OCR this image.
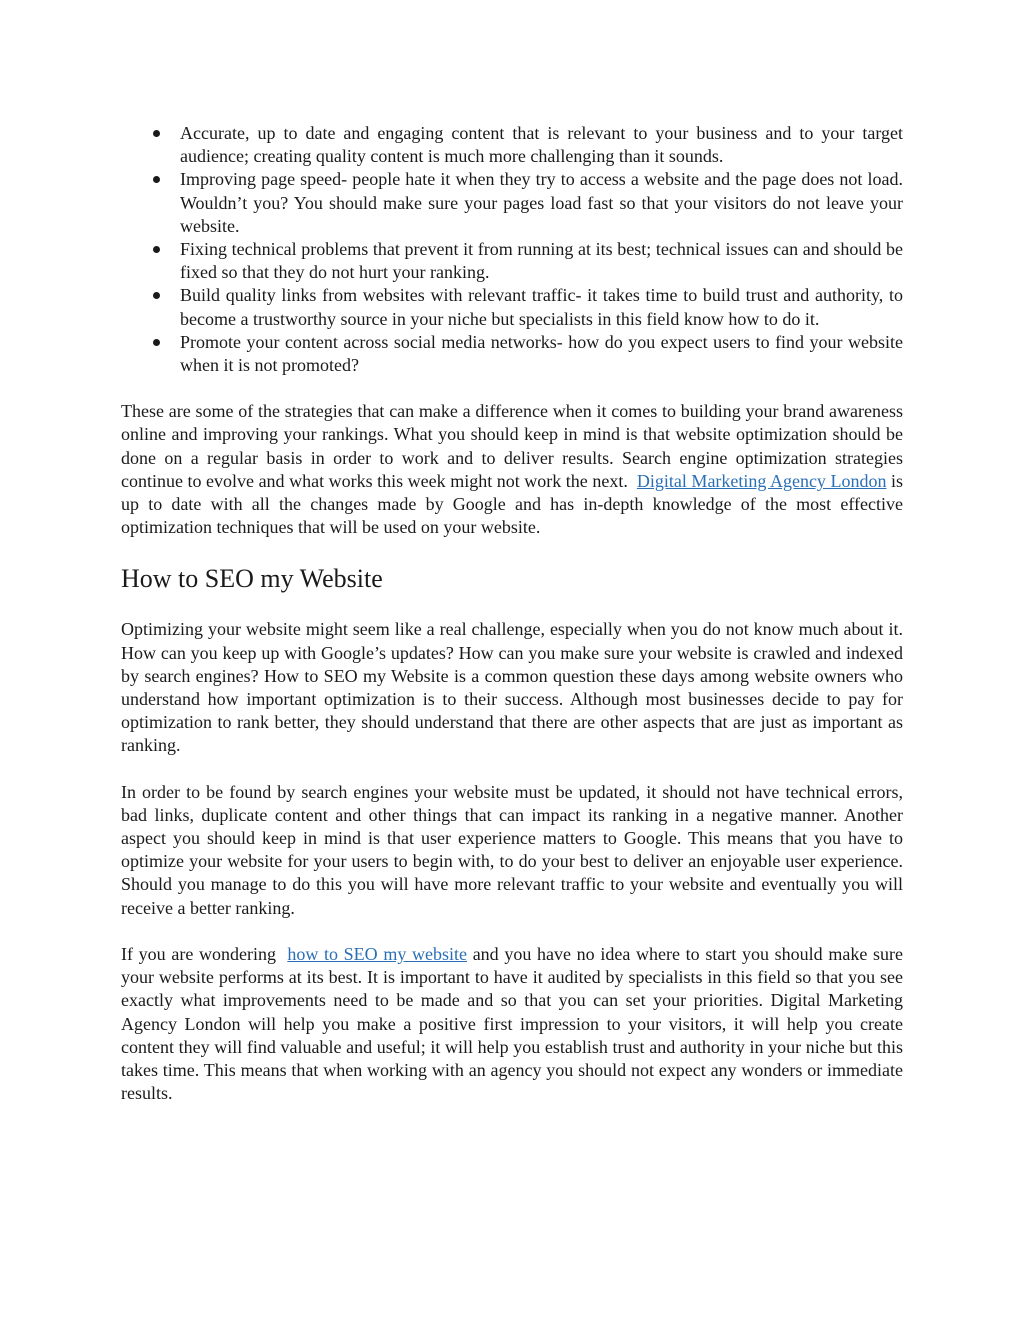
Accurate, up to date and engaging content that is relevant to your business and to your target audience; creating quality content is much more challenging than it sounds.
Improving page speed- people hate it when they try to access a website and the page does not load. Wouldn’t you? You should make sure your pages load fast so that your visitors do not leave your website.
Fixing technical problems that prevent it from running at its best; technical issues can and should be fixed so that they do not hurt your ranking.
Build quality links from websites with relevant traffic- it takes time to build trust and authority, to become a trustworthy source in your niche but specialists in this field know how to do it.
Promote your content across social media networks- how do you expect users to find your website when it is not promoted?

These are some of the strategies that can make a difference when it comes to building your brand awareness online and improving your rankings. What you should keep in mind is that website optimization should be done on a regular basis in order to work and to deliver results. Search engine optimization strategies continue to evolve and what works this week might not work the next. Digital Marketing Agency London is up to date with all the changes made by Google and has in-depth knowledge of the most effective optimization techniques that will be used on your website.

How to SEO my Website

Optimizing your website might seem like a real challenge, especially when you do not know much about it. How can you keep up with Google’s updates? How can you make sure your website is crawled and indexed by search engines? How to SEO my Website is a common question these days among website owners who understand how important optimization is to their success. Although most businesses decide to pay for optimization to rank better, they should understand that there are other aspects that are just as important as ranking.

In order to be found by search engines your website must be updated, it should not have technical errors, bad links, duplicate content and other things that can impact its ranking in a negative manner. Another aspect you should keep in mind is that user experience matters to Google. This means that you have to optimize your website for your users to begin with, to do your best to deliver an enjoyable user experience. Should you manage to do this you will have more relevant traffic to your website and eventually you will receive a better ranking.

If you are wondering how to SEO my website and you have no idea where to start you should make sure your website performs at its best. It is important to have it audited by specialists in this field so that you see exactly what improvements need to be made and so that you can set your priorities. Digital Marketing Agency London will help you make a positive first impression to your visitors, it will help you create content they will find valuable and useful; it will help you establish trust and authority in your niche but this takes time. This means that when working with an agency you should not expect any wonders or immediate results.
